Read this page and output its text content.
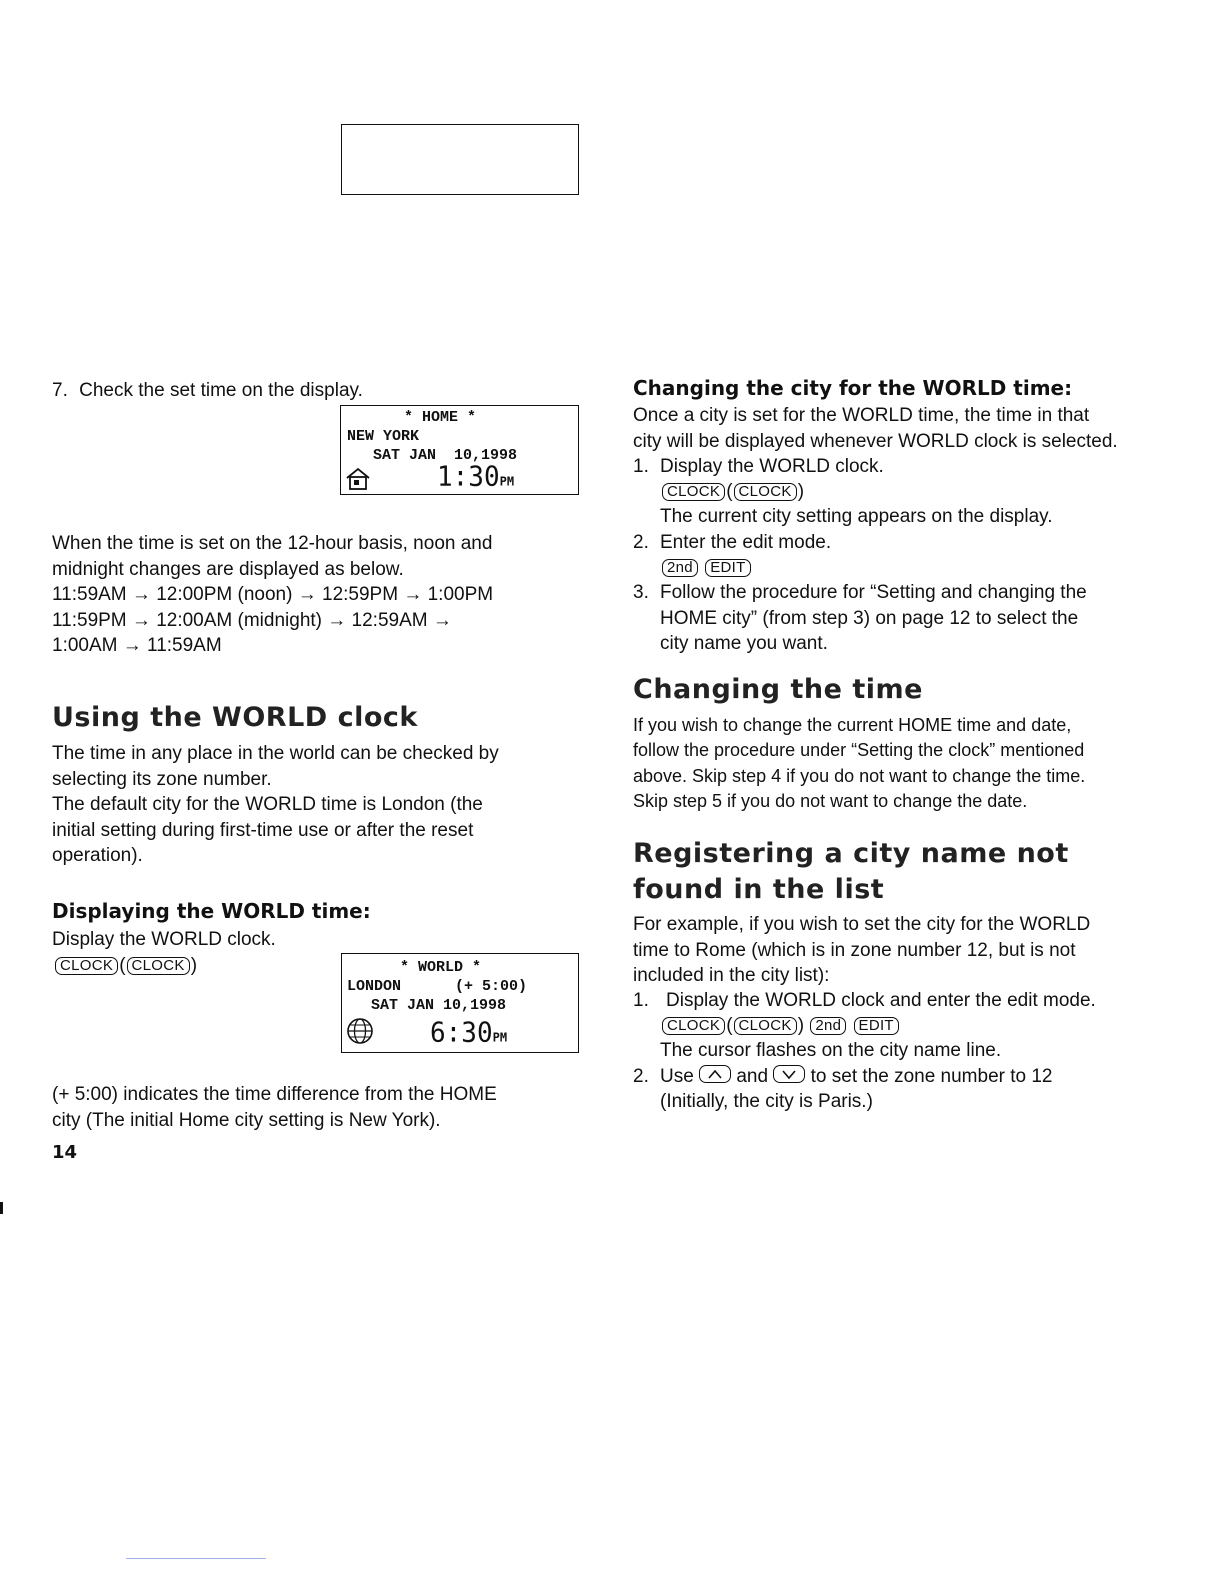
7. Check the set time on the display.
* HOME *
NEW YORK
SAT JAN  10,1998
1:30PM
When the time is set on the 12-hour basis, noon and
midnight changes are displayed as below.
11:59AM → 12:00PM (noon) → 12:59PM → 1:00PM
11:59PM → 12:00AM (midnight) → 12:59AM →
1:00AM → 11:59AM
Using the WORLD clock
The time in any place in the world can be checked by
selecting its zone number.
The default city for the WORLD time is London (the
initial setting during first-time use or after the reset
operation).
Displaying the WORLD time:
Display the WORLD clock.
CLOCK ( CLOCK )	* WORLD *
LONDON      (+ 5:00)
SAT JAN 10,1998
6:30PM
(+ 5:00) indicates the time difference from the HOME
city (The initial Home city setting is New York).
14
Changing the city for the WORLD time:
Once a city is set for the WORLD time, the time in that
city will be displayed whenever WORLD clock is selected.
1. Display the WORLD clock.
CLOCK ( CLOCK )
The current city setting appears on the display.
2. Enter the edit mode.
2nd EDIT
3. Follow the procedure for “Setting and changing the
HOME city” (from step 3) on page 12 to select the
city name you want.
Changing the time
If you wish to change the current HOME time and date,
follow the procedure under “Setting the clock” mentioned
above. Skip step 4 if you do not want to change the time.
Skip step 5 if you do not want to change the date.
Registering a city name not
found in the list
For example, if you wish to set the city for the WORLD
time to Rome (which is in zone number 12, but is not
included in the city list):
1. Display the WORLD clock and enter the edit mode.
CLOCK ( CLOCK ) 2nd EDIT
The cursor flashes on the city name line.
2. Use and to set the zone number to 12
(Initially, the city is Paris.)
